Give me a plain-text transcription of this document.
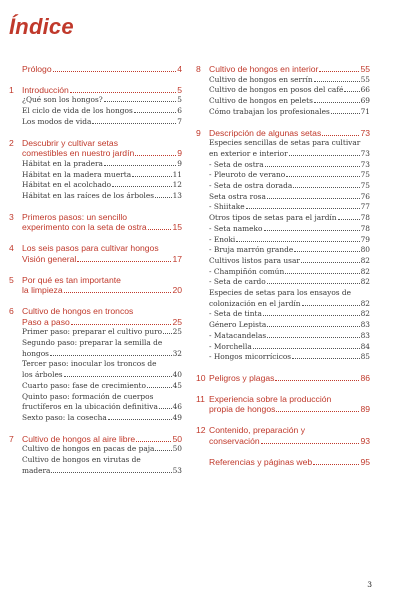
Índice
Prólogo	4
1 Introducción	5
¿Qué son los hongos?	5
El ciclo de vida de los hongos	6
Los modos de vida	7
2 Descubrir y cultivar setas
comestibles en nuestro jardín	9
Hábitat en la pradera	9
Hábitat en la madera muerta	11
Hábitat en el acolchado	12
Hábitat en las raíces de los árboles	13
3 Primeros pasos: un sencillo
experimento con la seta de ostra	15
4 Los seis pasos para cultivar hongos
Visión general	17
5 Por qué es tan importante
la limpieza	20
6 Cultivo de hongos en troncos
Paso a paso	25
Primer paso: preparar el cultivo puro 25
Segundo paso: preparar la semilla de
hongos	32
Tercer paso: inocular los troncos de
los árboles	40
Cuarto paso: fase de crecimiento	45
Quinto paso: formación de cuerpos
fructíferos en la ubicación definitiva 46
Sexto paso: la cosecha	49
7 Cultivo de hongos al aire libre	50
Cultivo de hongos en pacas de paja 50
Cultivo de hongos en virutas de
madera	53
8 Cultivo de hongos en interior	55
Cultivo de hongos en serrín	55
Cultivo de hongos en posos del café 66
Cultivo de hongos en pelets	69
Cómo trabajan los profesionales	71
9 Descripción de algunas setas	73
Especies sencillas de setas para cultivar
en exterior e interior	73
- Seta de ostra	73
- Pleuroto de verano	75
- Seta de ostra dorada	75
Seta ostra rosa	76
- Shiitake	77
Otros tipos de setas para el jardín	78
- Seta nameko	78
- Enoki	79
- Bruja marrón grande	80
Cultivos listos para usar	82
- Champiñón común	82
- Seta de cardo	82
Especies de setas para los ensayos de
colonización en el jardín	82
- Seta de tinta	82
Género Lepista	83
- Matacandelas	83
- Morchella	84
- Hongos micorrícicos	85
10 Peligros y plagas	86
11 Experiencia sobre la producción
propia de hongos	89
12 Contenido, preparación y
conservación	93
Referencias y páginas web	95
3
